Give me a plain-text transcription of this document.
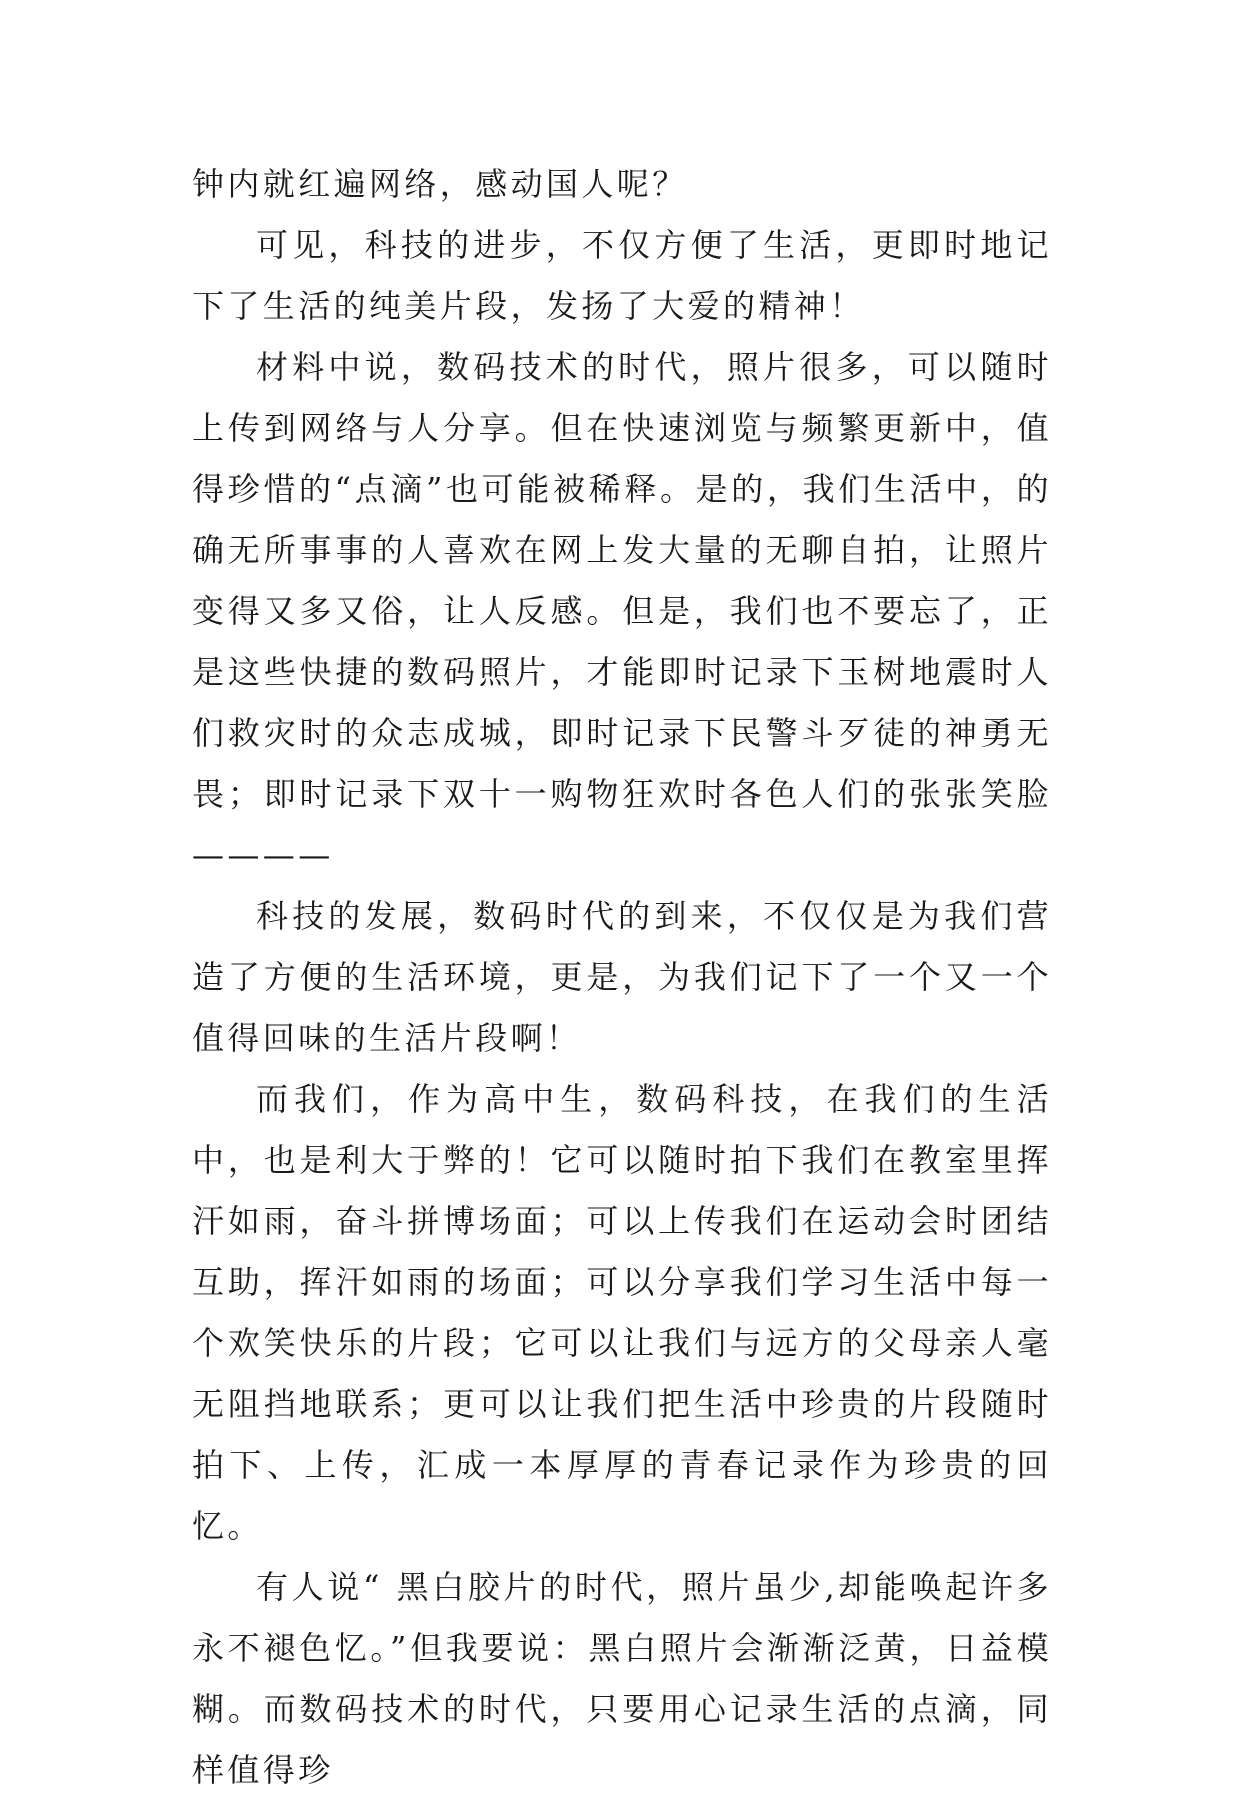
钟内就红遍网络，感动国人呢？

可见，科技的进步，不仅方便了生活，更即时地记下了生活的纯美片段，发扬了大爱的精神！

材料中说，数码技术的时代，照片很多，可以随时上传到网络与人分享。但在快速浏览与频繁更新中，值得珍惜的“点滴”也可能被稀释。是的，我们生活中，的确无所事事的人喜欢在网上发大量的无聊自拍，让照片变得又多又俗，让人反感。但是，我们也不要忘了，正是这些快捷的数码照片，才能即时记录下玉树地震时人们救灾时的众志成城，即时记录下民警斗歹徒的神勇无畏；即时记录下双十一购物狂欢时各色人们的张张笑脸————

科技的发展，数码时代的到来，不仅仅是为我们营造了方便的生活环境，更是，为我们记下了一个又一个值得回味的生活片段啊！

而我们，作为高中生，数码科技，在我们的生活中，也是利大于弊的！它可以随时拍下我们在教室里挥汗如雨，奋斗拼博场面；可以上传我们在运动会时团结互助，挥汗如雨的场面；可以分享我们学习生活中每一个欢笑快乐的片段；它可以让我们与远方的父母亲人毫无阻挡地联系；更可以让我们把生活中珍贵的片段随时拍下、上传，汇成一本厚厚的青春记录作为珍贵的回忆。

有人说“ 黑白胶片的时代，照片虽少,却能唤起许多永不褪色忆。”但我要说：黑白照片会渐渐泛黄，日益模糊。而数码技术的时代，只要用心记录生活的点滴，同样值得珍
